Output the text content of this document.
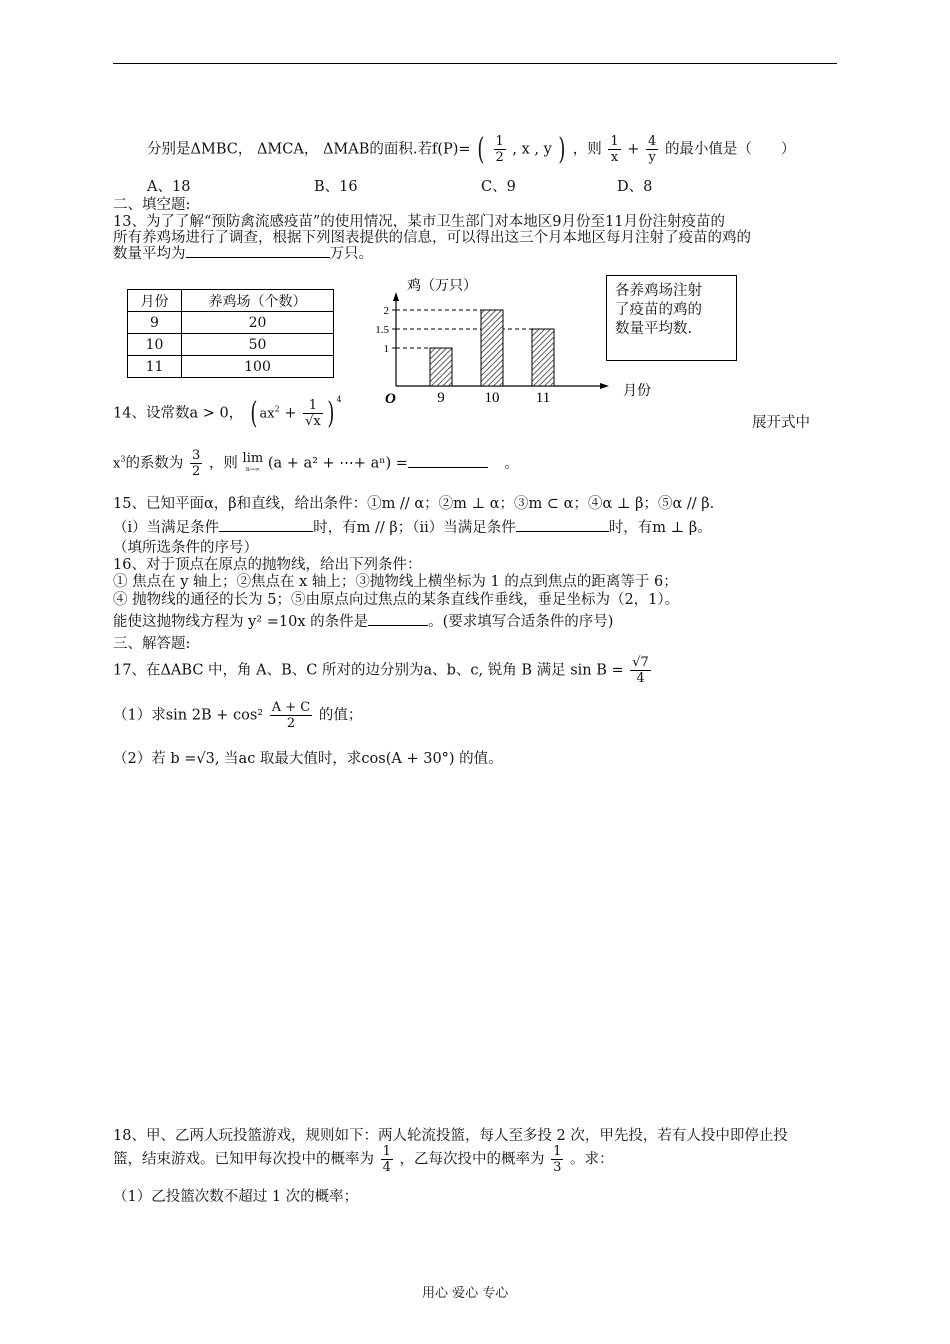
分别是ΔMBC， ΔMCA， ΔMAB的面积.若f(P)= ( $\frac{1}{2}$ , x , y ) ，则 $\frac{1}{x} + \frac{4}{y}$ 的最小值是（　　）
A、18	B、16	C、9	D、8
二、填空题:
13、为了了解“预防禽流感疫苗”的使用情况，某市卫生部门对本地区9月份至11月份注射疫苗的
所有养鸡场进行了调查，根据下列图表提供的信息，可以得出这三个月本地区每月注射了疫苗的鸡的
数量平均为	万只。
月份	养鸡场（个数）
9	20
10	50
11	100
鸡（万只）
月份
O
1
1.5
2
9	10 11
各养鸡场注射
了疫苗的鸡的
数量平均数.
14、设常数a > 0， ( $ax^2 + \frac{1}{√x}$ ) $^4$
展开式中
$x^3$的系数为 $\frac{3}{2}$ ，则 lim
n→∞ (a + a² + ⋯+ aⁿ) =	。
15、已知平面α，β和直线，给出条件：①m // α；②m ⊥ α；③m ⊂ α；④α ⊥ β；⑤α // β.
（i）当满足条件	时，有m // β；（ii）当满足条件	时，有m ⊥ β。
（填所选条件的序号）
16、对于顶点在原点的抛物线，给出下列条件：
① 焦点在 y 轴上；②焦点在 x 轴上；③抛物线上横坐标为 1 的点到焦点的距离等于 6；
④ 抛物线的通径的长为 5；⑤由原点向过焦点的某条直线作垂线，垂足坐标为（2，1）。
能使这抛物线方程为 y² =10x 的条件是	。(要求填写合适条件的序号)
三、解答题:
17、在ΔABC 中，角 A、B、C 所对的边分别为a、b、c, 锐角 B 满足 $\sin B = \frac{√7}{4}$
（1）求$\sin 2B + \cos^2 \frac{A + C}{2}$ 的值；
（2）若 b =√3, 当ac 取最大值时，求cos(A + 30°) 的值。
18、甲、乙两人玩投篮游戏，规则如下：两人轮流投篮，每人至多投 2 次，甲先投，若有人投中即停止投
篮，结束游戏。已知甲每次投中的概率为 $\frac{1}{4}$ ，乙每次投中的概率为 $\frac{1}{3}$ 。求：
（1）乙投篮次数不超过 1 次的概率；
用心 爱心 专心
